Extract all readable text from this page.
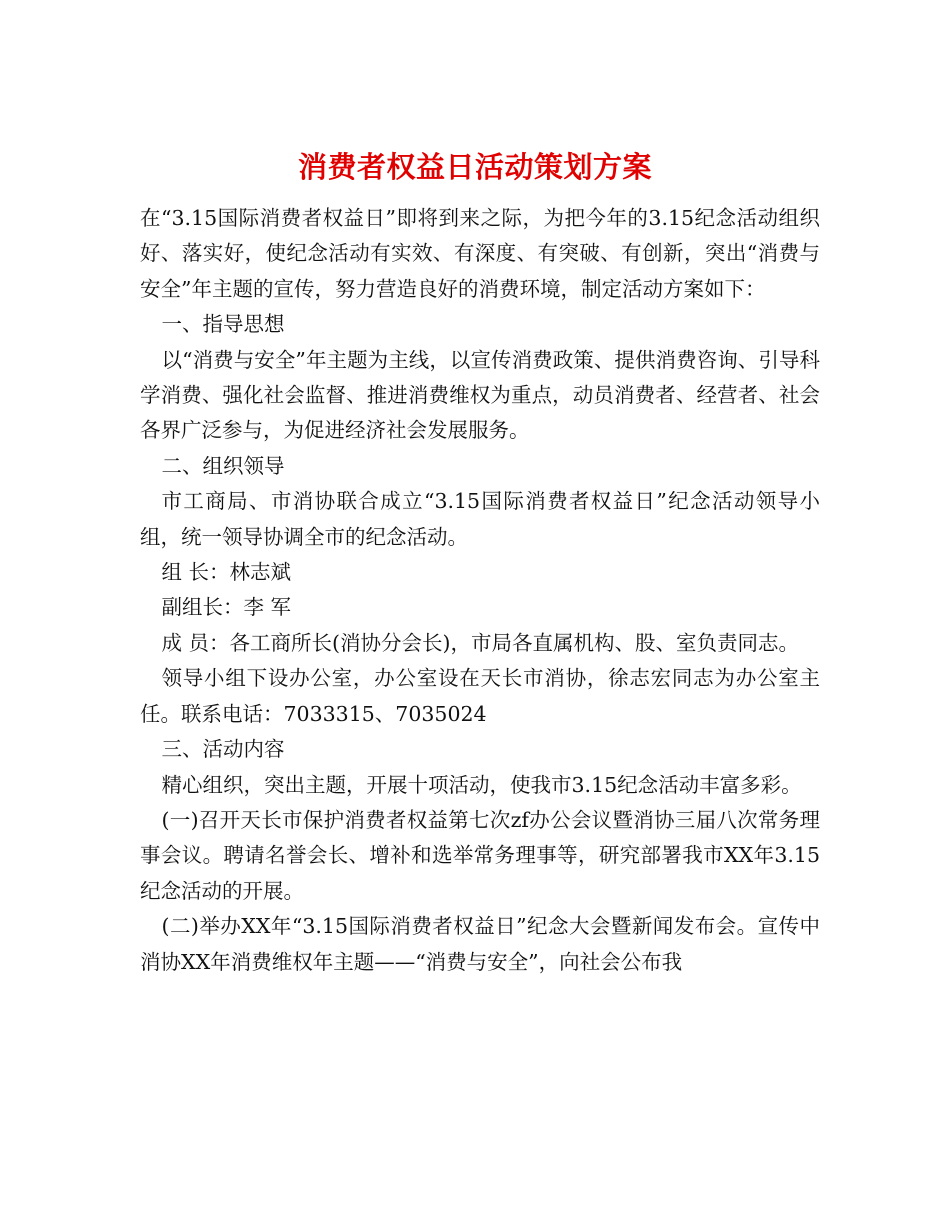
消费者权益日活动策划方案

在“3.15国际消费者权益日”即将到来之际，为把今年的3.15纪念活动组织好、落实好，使纪念活动有实效、有深度、有突破、有创新，突出“消费与安全”年主题的宣传，努力营造良好的消费环境，制定活动方案如下：

一、指导思想

以“消费与安全”年主题为主线，以宣传消费政策、提供消费咨询、引导科学消费、强化社会监督、推进消费维权为重点，动员消费者、经营者、社会各界广泛参与，为促进经济社会发展服务。

二、组织领导

市工商局、市消协联合成立“3.15国际消费者权益日”纪念活动领导小组，统一领导协调全市的纪念活动。

组 长：林志斌

副组长：李 军

成 员：各工商所长(消协分会长)，市局各直属机构、股、室负责同志。

领导小组下设办公室，办公室设在天长市消协，徐志宏同志为办公室主任。联系电话：7033315、7035024

三、活动内容

精心组织，突出主题，开展十项活动，使我市3.15纪念活动丰富多彩。

(一)召开天长市保护消费者权益第七次zf办公会议暨消协三届八次常务理事会议。聘请名誉会长、增补和选举常务理事等，研究部署我市XX年3.15纪念活动的开展。

(二)举办XX年“3.15国际消费者权益日”纪念大会暨新闻发布会。宣传中消协XX年消费维权年主题——“消费与安全”，向社会公布我
